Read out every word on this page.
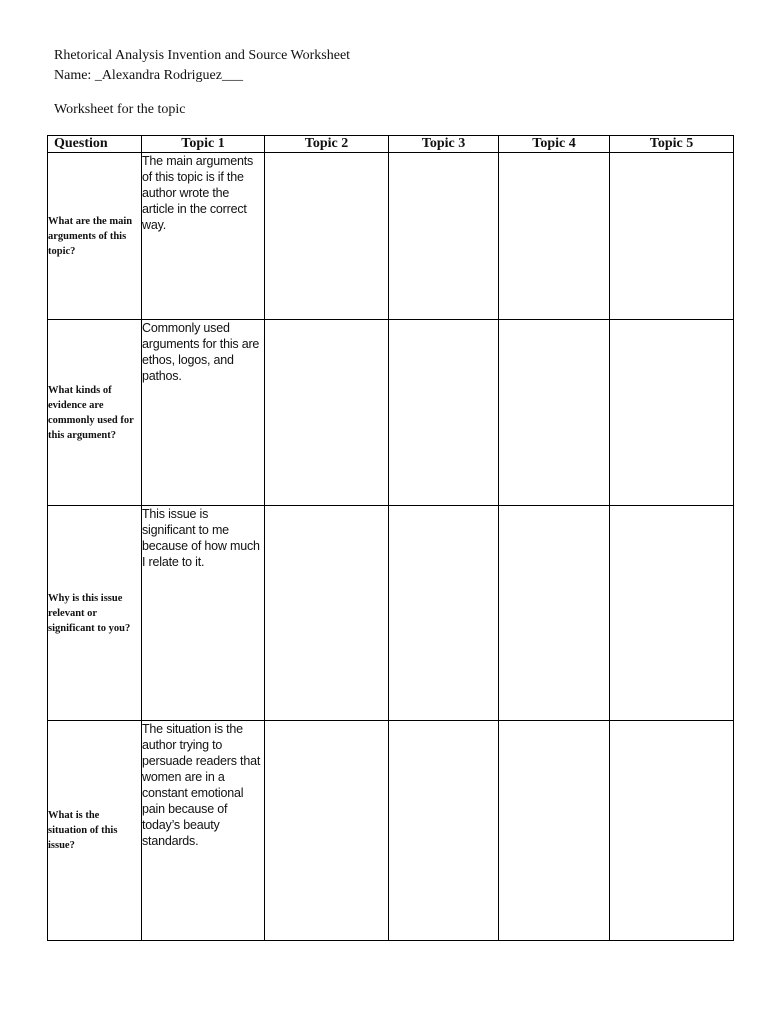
Rhetorical Analysis Invention and Source Worksheet
Name: _Alexandra Rodriguez___
Worksheet for the topic
Question	Topic 1	Topic 2	Topic 3	Topic 4	Topic 5
What are the main arguments of this topic?	The main arguments of this topic is if the author wrote the article in the correct way.				
What kinds of evidence are commonly used for this argument?	Commonly used arguments for this are ethos, logos, and pathos.				
Why is this issue relevant or significant to you?	This issue is significant to me because of how much I relate to it.				
What is the situation of this issue?	The situation is the author trying to persuade readers that women are in a constant emotional pain because of today’s beauty standards.				
